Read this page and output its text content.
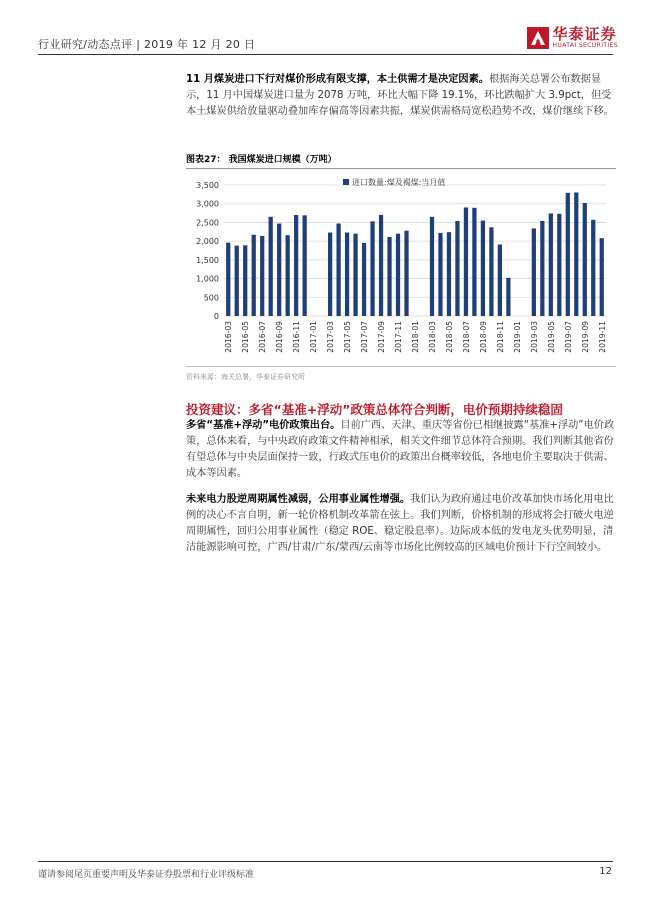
行业研究/动态点评 | 2019 年 12 月 20 日
华泰证券
HUATAI SECURITIES
11 月煤炭进口下行对煤价形成有限支撑，本土供需才是决定因素。根据海关总署公布数据显示，11 月中国煤炭进口量为 2078 万吨，环比大幅下降 19.1%，环比跌幅扩大 3.9pct，但受本土煤炭供给放量驱动叠加库存偏高等因素共振，煤炭供需格局宽松趋势不改，煤价继续下移。
图表27： 我国煤炭进口规模（万吨）
0
500
1,000
1,500
2,000
2,500
3,000
3,500
2016-03 2016-05 2016-07 2016-09 2016-11 2017-01 2017-03 2017-05 2017-07 2017-09 2017-11 2018-01 2018-03 2018-05 2018-07 2018-09 2018-11 2019-01 2019-03 2019-05 2019-07 2019-09 2019-11
进口数量:煤及褐煤:当月值
资料来源：海关总署，华泰证券研究所
投资建议：多省“基准+浮动”政策总体符合判断，电价预期持续稳固
多省“基准+浮动”电价政策出台。目前广西、天津、重庆等省份已相继披露“基准+浮动”电价政策，总体来看，与中央政府政策文件精神相承，相关文件细节总体符合预期。我们判断其他省份有望总体与中央层面保持一致，行政式压电价的政策出台概率较低，各地电价主要取决于供需、成本等因素。
未来电力股逆周期属性减弱，公用事业属性增强。我们认为政府通过电价改革加快市场化用电比例的决心不言自明，新一轮价格机制改革箭在弦上。我们判断，价格机制的形成将会打破火电逆周期属性，回归公用事业属性（稳定 ROE、稳定股息率）。边际成本低的发电龙头优势明显，清洁能源影响可控，广西/甘肃/广东/蒙西/云南等市场化比例较高的区域电价预计下行空间较小。
谨请参阅尾页重要声明及华泰证券股票和行业评级标准	12
